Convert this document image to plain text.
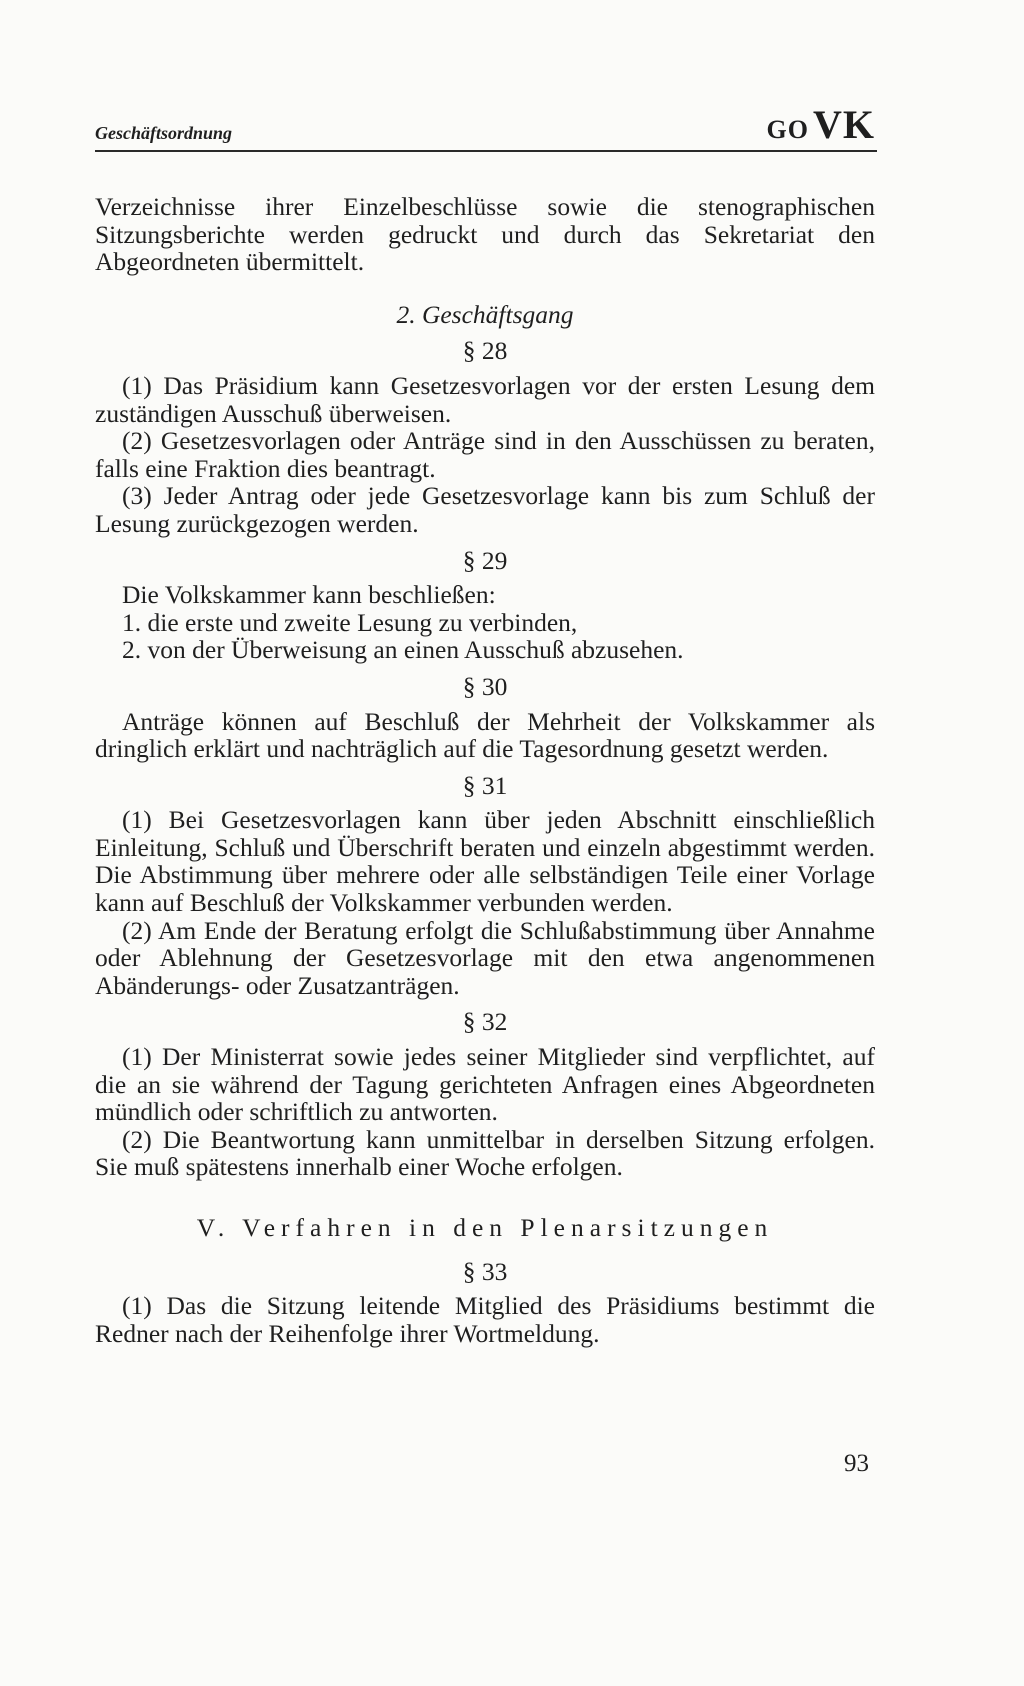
Geschäftsordnung	GO VK

Verzeichnisse ihrer Einzelbeschlüsse sowie die stenographischen Sitzungsberichte werden gedruckt und durch das Sekretariat den Abgeordneten übermittelt.

2. Geschäftsgang
§ 28

(1) Das Präsidium kann Gesetzesvorlagen vor der ersten Lesung dem zuständigen Ausschuß überweisen.

(2) Gesetzesvorlagen oder Anträge sind in den Ausschüssen zu beraten, falls eine Fraktion dies beantragt.

(3) Jeder Antrag oder jede Gesetzesvorlage kann bis zum Schluß der Lesung zurückgezogen werden.

§ 29

Die Volkskammer kann beschließen:

1. die erste und zweite Lesung zu verbinden,

2. von der Überweisung an einen Ausschuß abzusehen.

§ 30

Anträge können auf Beschluß der Mehrheit der Volkskammer als dringlich erklärt und nachträglich auf die Tagesordnung gesetzt werden.

§ 31

(1) Bei Gesetzesvorlagen kann über jeden Abschnitt einschließlich Einleitung, Schluß und Überschrift beraten und einzeln abgestimmt werden. Die Abstimmung über mehrere oder alle selbständigen Teile einer Vorlage kann auf Beschluß der Volkskammer verbunden werden.

(2) Am Ende der Beratung erfolgt die Schlußabstimmung über Annahme oder Ablehnung der Gesetzesvorlage mit den etwa angenommenen Abänderungs- oder Zusatzanträgen.

§ 32

(1) Der Ministerrat sowie jedes seiner Mitglieder sind verpflichtet, auf die an sie während der Tagung gerichteten Anfragen eines Abgeordneten mündlich oder schriftlich zu antworten.

(2) Die Beantwortung kann unmittelbar in derselben Sitzung erfolgen. Sie muß spätestens innerhalb einer Woche erfolgen.

V. Verfahren in den Plenarsitzungen
§ 33

(1) Das die Sitzung leitende Mitglied des Präsidiums bestimmt die Redner nach der Reihenfolge ihrer Wortmeldung.

93
